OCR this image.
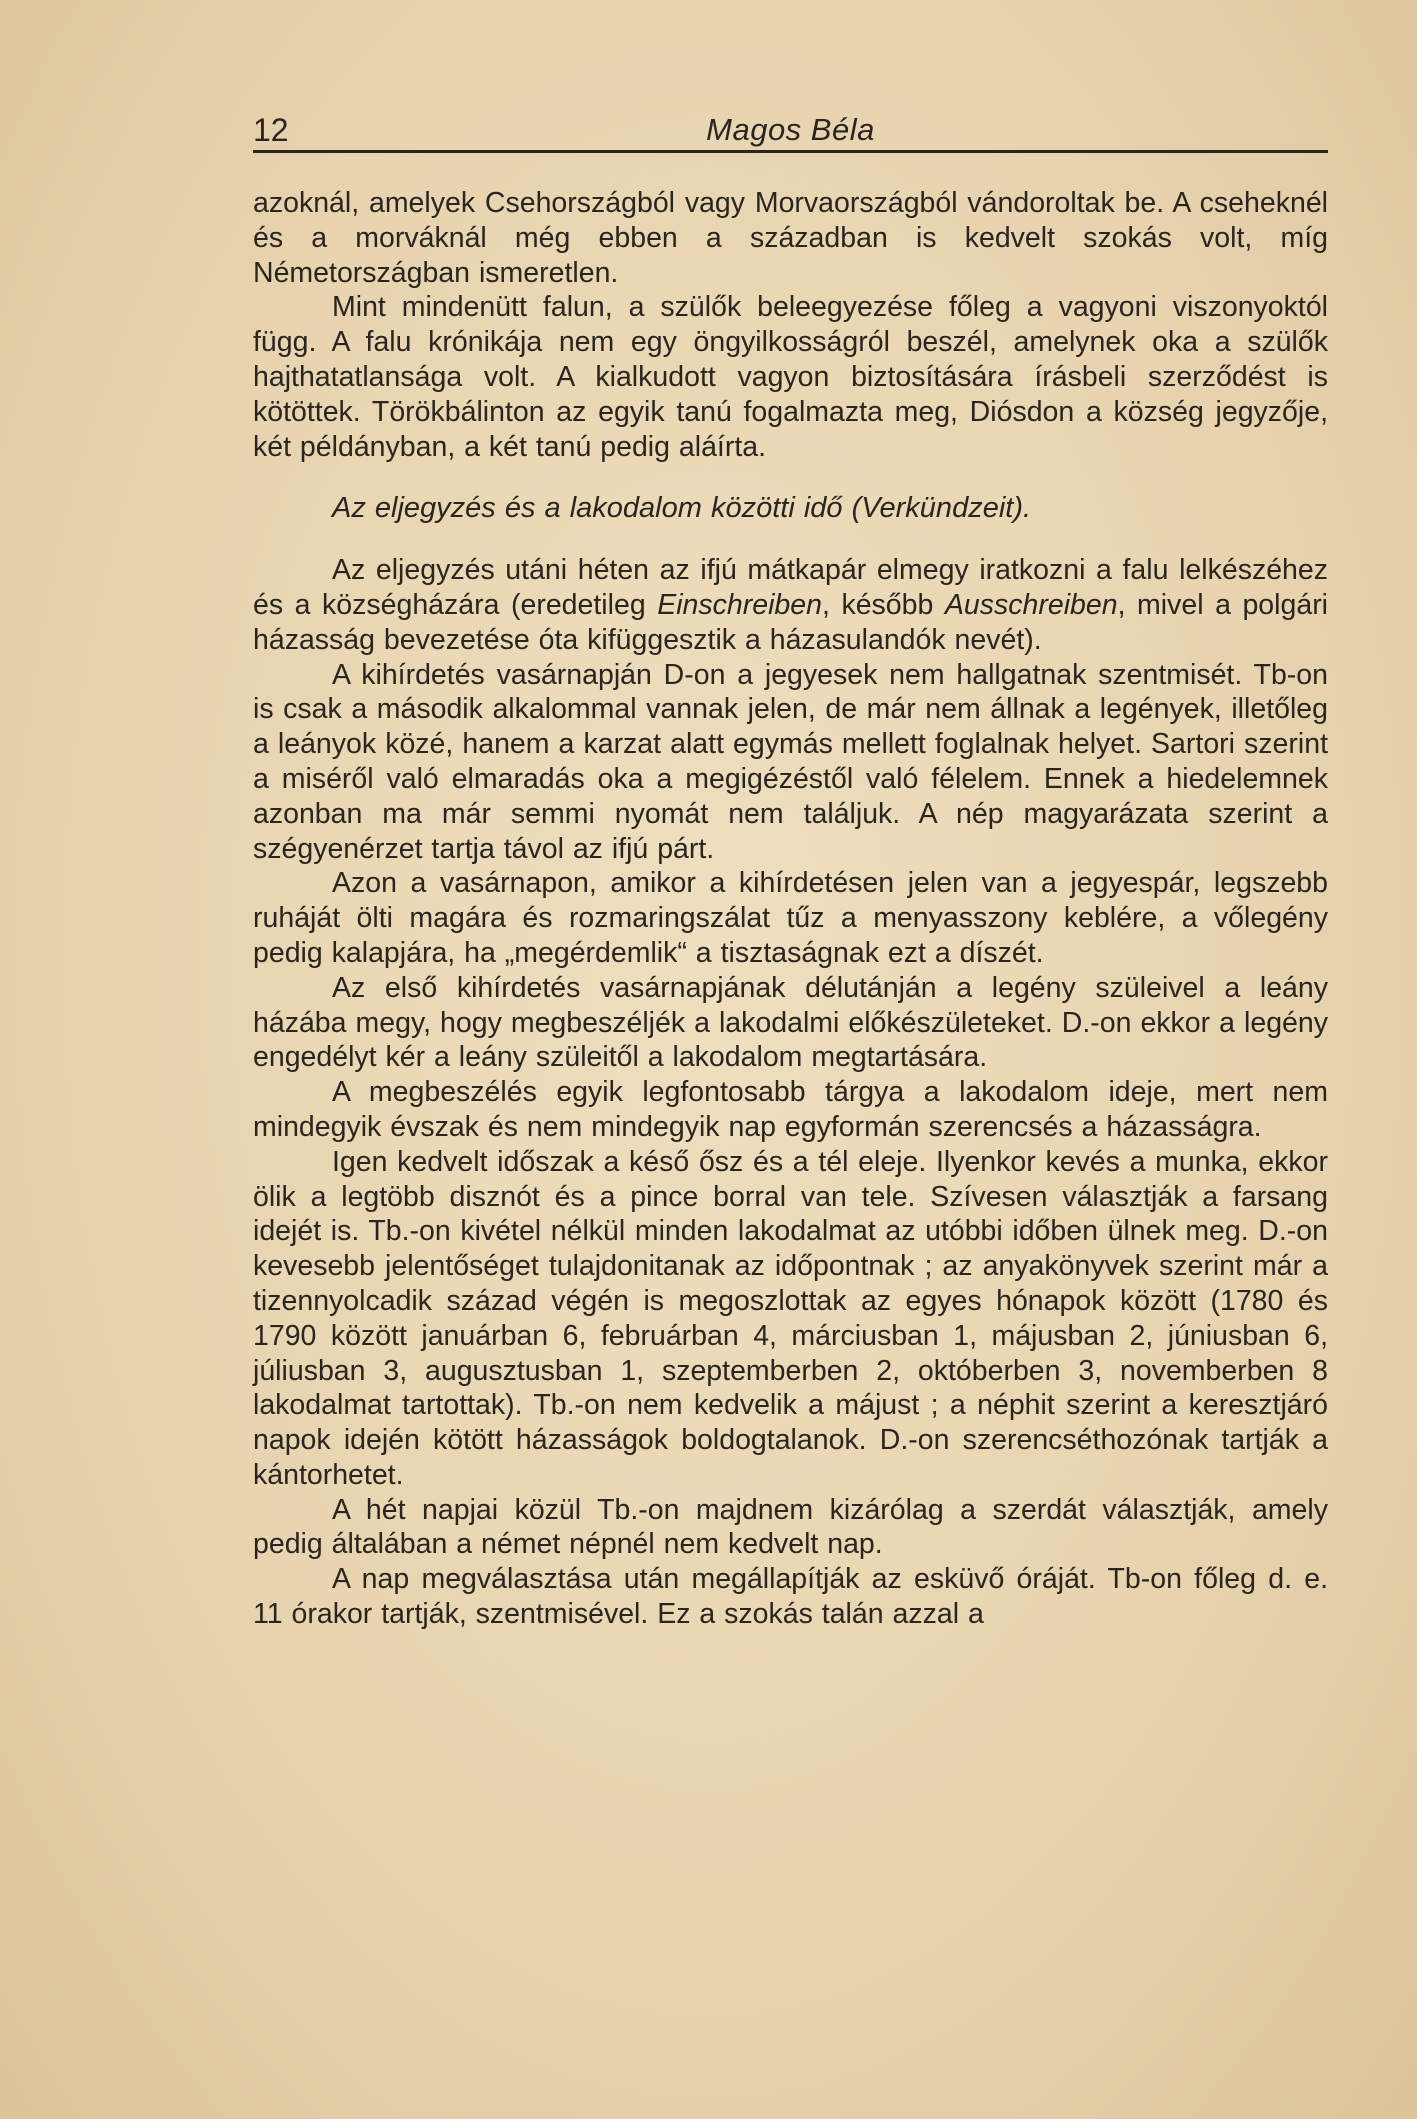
12	Magos Béla

azoknál, amelyek Csehországból vagy Morvaországból vándoroltak be. A cseheknél és a morváknál még ebben a században is kedvelt szokás volt, míg Németországban ismeretlen.

Mint mindenütt falun, a szülők beleegyezése főleg a vagyoni viszonyoktól függ. A falu krónikája nem egy öngyilkosságról beszél, amelynek oka a szülők hajthatatlansága volt. A kialkudott vagyon biztosítására írásbeli szerződést is kötöttek. Törökbálinton az egyik tanú fogalmazta meg, Diósdon a község jegyzője, két példányban, a két tanú pedig aláírta.

Az eljegyzés és a lakodalom közötti idő (Verkündzeit).

Az eljegyzés utáni héten az ifjú mátkapár elmegy iratkozni a falu lelkészéhez és a községházára (eredetileg Einschreiben, később Ausschreiben, mivel a polgári házasság bevezetése óta kifüggesztik a házasulandók nevét).

A kihírdetés vasárnapján D-on a jegyesek nem hallgatnak szentmisét. Tb-on is csak a második alkalommal vannak jelen, de már nem állnak a legények, illetőleg a leányok közé, hanem a karzat alatt egymás mellett foglalnak helyet. Sartori szerint a miséről való elmaradás oka a megigézéstől való félelem. Ennek a hiedelemnek azonban ma már semmi nyomát nem találjuk. A nép magyarázata szerint a szégyenérzet tartja távol az ifjú párt.

Azon a vasárnapon, amikor a kihírdetésen jelen van a jegyespár, legszebb ruháját ölti magára és rozmaringszálat tűz a menyasszony keblére, a vőlegény pedig kalapjára, ha „megérdemlik“ a tisztaságnak ezt a díszét.

Az első kihírdetés vasárnapjának délutánján a legény szüleivel a leány házába megy, hogy megbeszéljék a lakodalmi előkészületeket. D.-on ekkor a legény engedélyt kér a leány szüleitől a lakodalom megtartására.

A megbeszélés egyik legfontosabb tárgya a lakodalom ideje, mert nem mindegyik évszak és nem mindegyik nap egyformán szerencsés a házasságra.

Igen kedvelt időszak a késő ősz és a tél eleje. Ilyenkor kevés a munka, ekkor ölik a legtöbb disznót és a pince borral van tele. Szívesen választják a farsang idejét is. Tb.-on kivétel nélkül minden lakodalmat az utóbbi időben ülnek meg. D.-on kevesebb jelentőséget tulajdonitanak az időpontnak ; az anyakönyvek szerint már a tizennyolcadik század végén is megoszlottak az egyes hónapok között (1780 és 1790 között januárban 6, februárban 4, márciusban 1, májusban 2, júniusban 6, júliusban 3, augusztusban 1, szeptemberben 2, októberben 3, novemberben 8 lakodalmat tartottak). Tb.-on nem kedvelik a májust ; a néphit szerint a keresztjáró napok idején kötött házasságok boldogtalanok. D.-on szerencséthozónak tartják a kántorhetet.

A hét napjai közül Tb.-on majdnem kizárólag a szerdát választják, amely pedig általában a német népnél nem kedvelt nap.

A nap megválasztása után megállapítják az esküvő óráját. Tb-on főleg d. e. 11 órakor tartják, szentmisével. Ez a szokás talán azzal a
